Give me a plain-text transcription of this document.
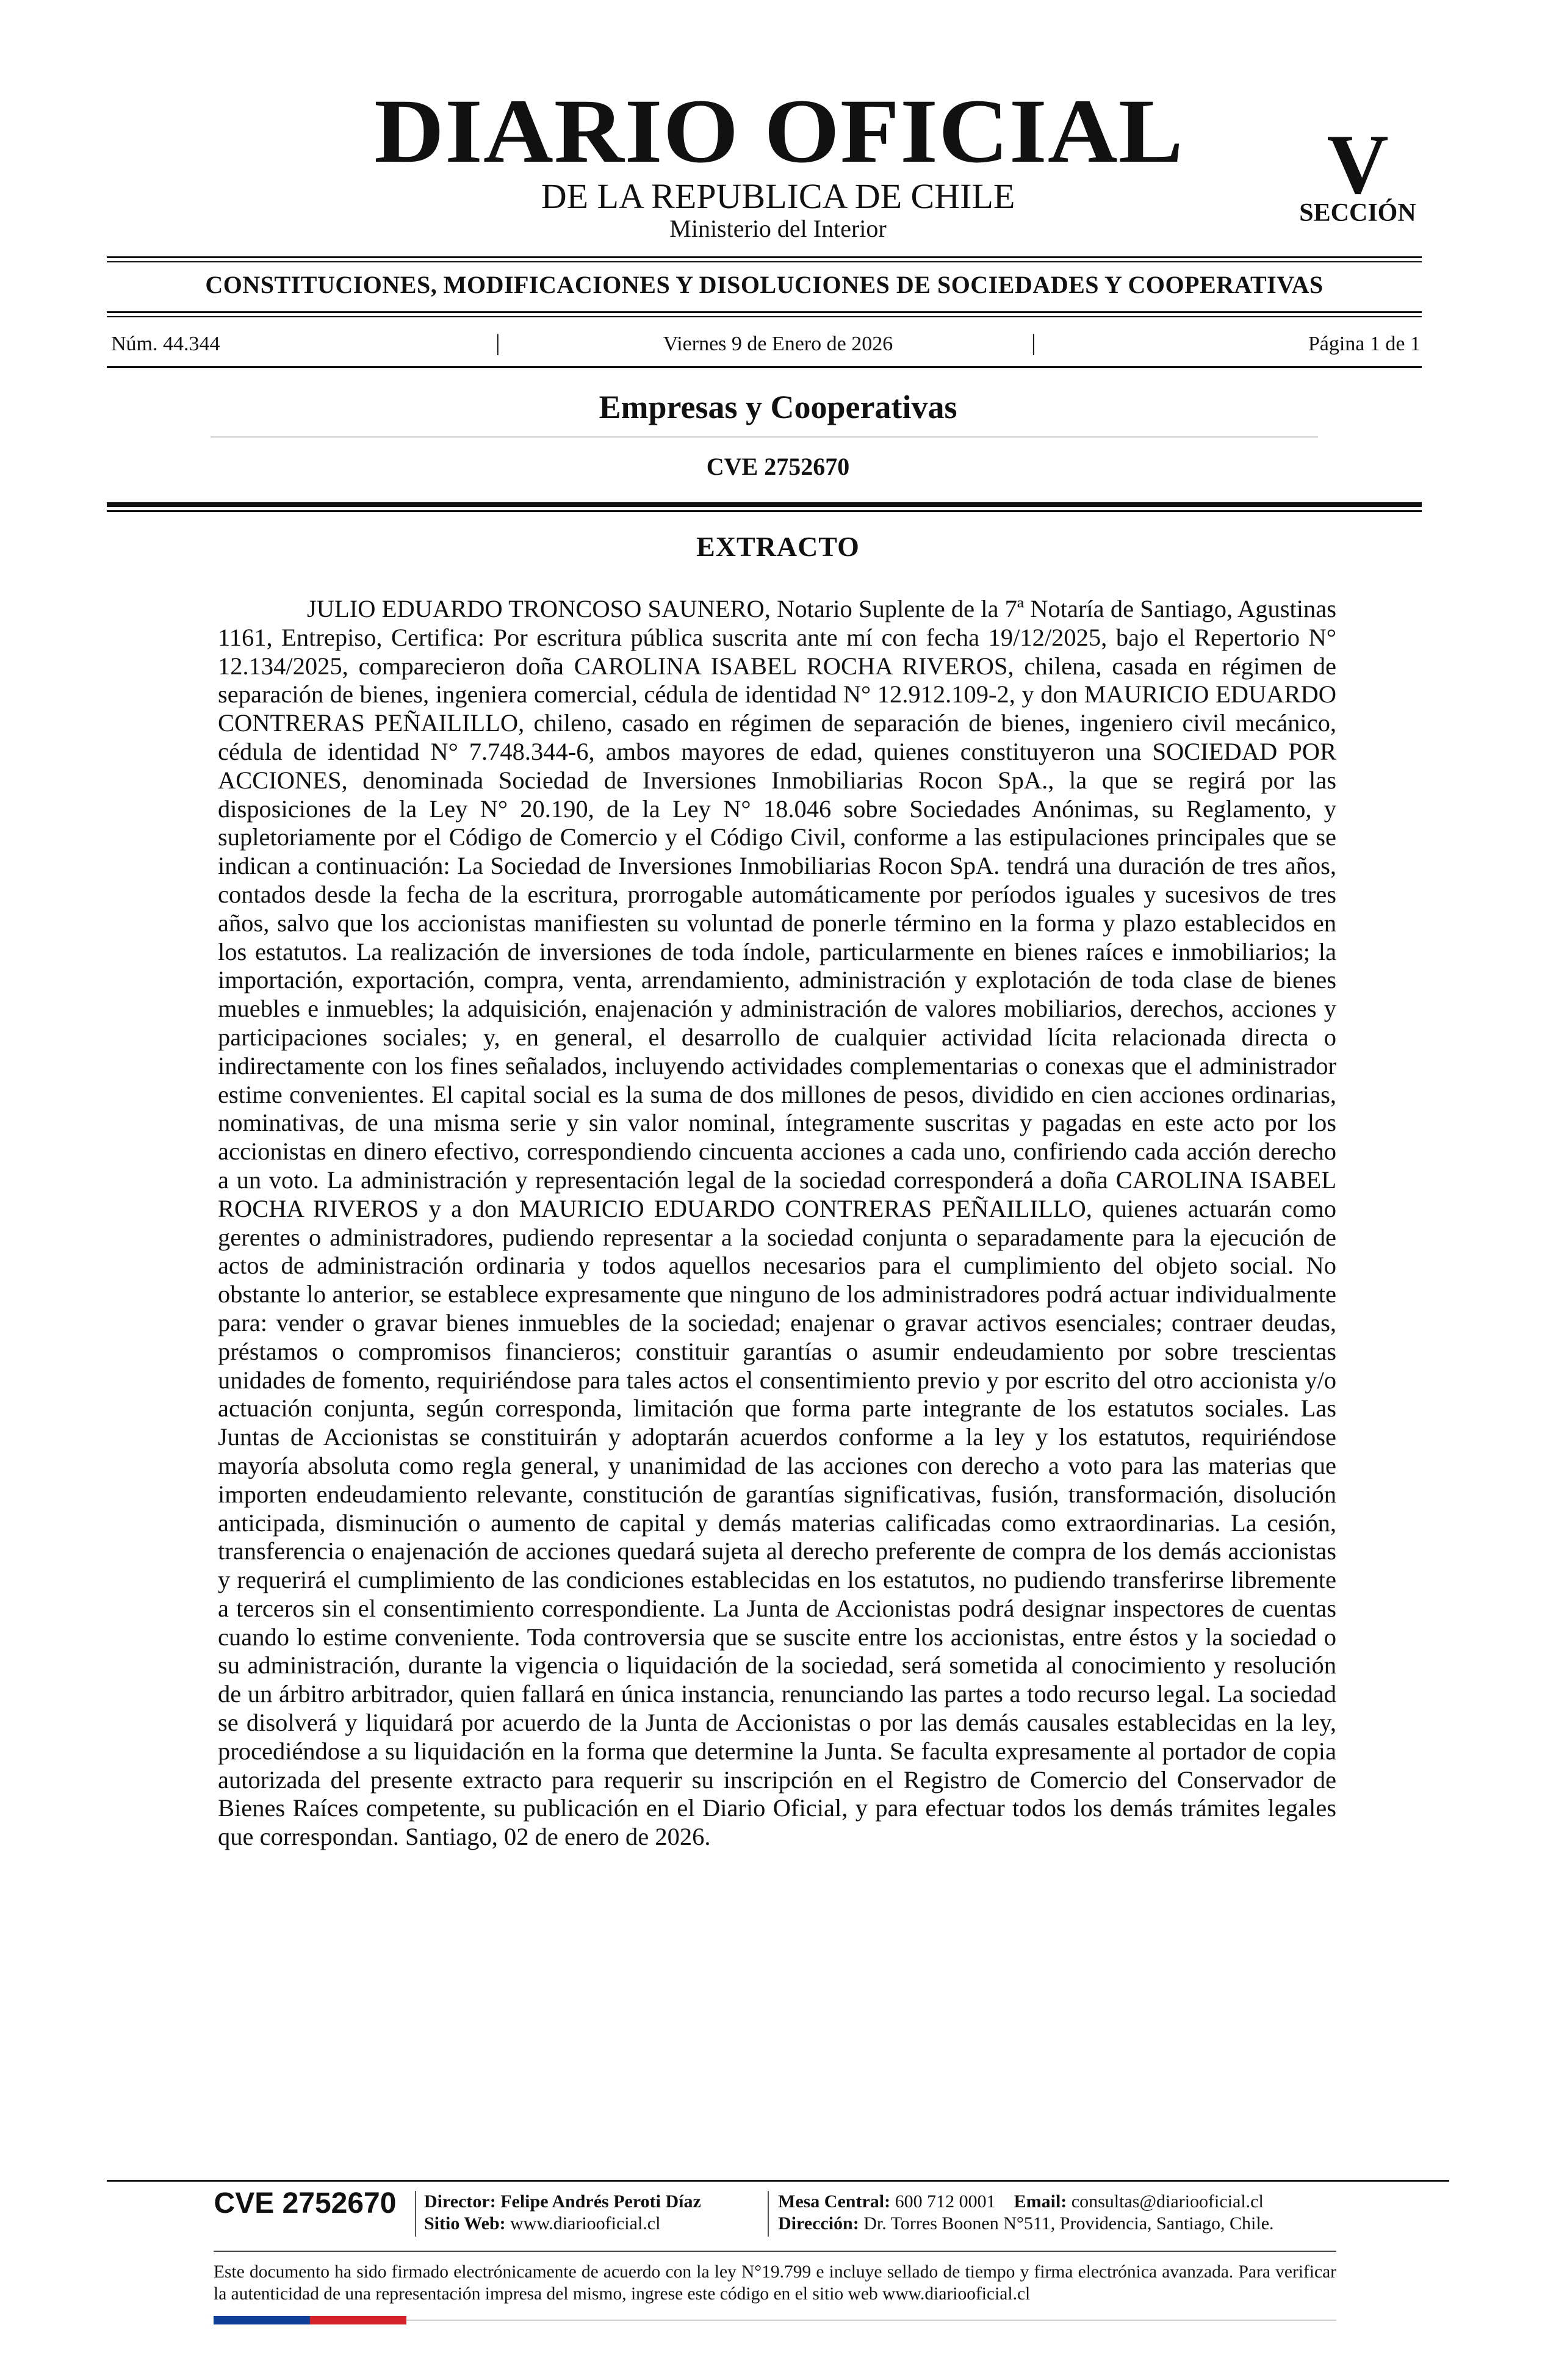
DIARIO OFICIAL
DE LA REPUBLICA DE CHILE
Ministerio del Interior
V
SECCIÓN
CONSTITUCIONES, MODIFICACIONES Y DISOLUCIONES DE SOCIEDADES Y COOPERATIVAS
Núm. 44.344	|	Viernes 9 de Enero de 2026	|	Página 1 de 1
Empresas y Cooperativas
CVE 2752670
EXTRACTO

JULIO EDUARDO TRONCOSO SAUNERO, Notario Suplente de la 7ª Notaría de Santiago, Agustinas 1161, Entrepiso, Certifica: Por escritura pública suscrita ante mí con fecha 19/12/2025, bajo el Repertorio N° 12.134/2025, comparecieron doña CAROLINA ISABEL ROCHA RIVEROS, chilena, casada en régimen de separación de bienes, ingeniera comercial, cédula de identidad N° 12.912.109-2, y don MAURICIO EDUARDO CONTRERAS PEÑAILILLO, chileno, casado en régimen de separación de bienes, ingeniero civil mecánico, cédula de identidad N° 7.748.344-6, ambos mayores de edad, quienes constituyeron una SOCIEDAD POR ACCIONES, denominada Sociedad de Inversiones Inmobiliarias Rocon SpA., la que se regirá por las disposiciones de la Ley N° 20.190, de la Ley N° 18.046 sobre Sociedades Anónimas, su Reglamento, y supletoriamente por el Código de Comercio y el Código Civil, conforme a las estipulaciones principales que se indican a continuación: La Sociedad de Inversiones Inmobiliarias Rocon SpA. tendrá una duración de tres años, contados desde la fecha de la escritura, prorrogable automáticamente por períodos iguales y sucesivos de tres años, salvo que los accionistas manifiesten su voluntad de ponerle término en la forma y plazo establecidos en los estatutos. La realización de inversiones de toda índole, particularmente en bienes raíces e inmobiliarios; la importación, exportación, compra, venta, arrendamiento, administración y explotación de toda clase de bienes muebles e inmuebles; la adquisición, enajenación y administración de valores mobiliarios, derechos, acciones y participaciones sociales; y, en general, el desarrollo de cualquier actividad lícita relacionada directa o indirectamente con los fines señalados, incluyendo actividades complementarias o conexas que el administrador estime convenientes. El capital social es la suma de dos millones de pesos, dividido en cien acciones ordinarias, nominativas, de una misma serie y sin valor nominal, íntegramente suscritas y pagadas en este acto por los accionistas en dinero efectivo, correspondiendo cincuenta acciones a cada uno, confiriendo cada acción derecho a un voto. La administración y representación legal de la sociedad corresponderá a doña CAROLINA ISABEL ROCHA RIVEROS y a don MAURICIO EDUARDO CONTRERAS PEÑAILILLO, quienes actuarán como gerentes o administradores, pudiendo representar a la sociedad conjunta o separadamente para la ejecución de actos de administración ordinaria y todos aquellos necesarios para el cumplimiento del objeto social. No obstante lo anterior, se establece expresamente que ninguno de los administradores podrá actuar individualmente para: vender o gravar bienes inmuebles de la sociedad; enajenar o gravar activos esenciales; contraer deudas, préstamos o compromisos financieros; constituir garantías o asumir endeudamiento por sobre trescientas unidades de fomento, requiriéndose para tales actos el consentimiento previo y por escrito del otro accionista y/o actuación conjunta, según corresponda, limitación que forma parte integrante de los estatutos sociales. Las Juntas de Accionistas se constituirán y adoptarán acuerdos conforme a la ley y los estatutos, requiriéndose mayoría absoluta como regla general, y unanimidad de las acciones con derecho a voto para las materias que importen endeudamiento relevante, constitución de garantías significativas, fusión, transformación, disolución anticipada, disminución o aumento de capital y demás materias calificadas como extraordinarias. La cesión, transferencia o enajenación de acciones quedará sujeta al derecho preferente de compra de los demás accionistas y requerirá el cumplimiento de las condiciones establecidas en los estatutos, no pudiendo transferirse libremente a terceros sin el consentimiento correspondiente. La Junta de Accionistas podrá designar inspectores de cuentas cuando lo estime conveniente. Toda controversia que se suscite entre los accionistas, entre éstos y la sociedad o su administración, durante la vigencia o liquidación de la sociedad, será sometida al conocimiento y resolución de un árbitro arbitrador, quien fallará en única instancia, renunciando las partes a todo recurso legal. La sociedad se disolverá y liquidará por acuerdo de la Junta de Accionistas o por las demás causales establecidas en la ley, procediéndose a su liquidación en la forma que determine la Junta. Se faculta expresamente al portador de copia autorizada del presente extracto para requerir su inscripción en el Registro de Comercio del Conservador de Bienes Raíces competente, su publicación en el Diario Oficial, y para efectuar todos los demás trámites legales que correspondan. Santiago, 02 de enero de 2026.

CVE 2752670	Director: Felipe Andrés Peroti Díaz
Sitio Web: www.diariooficial.cl
Mesa Central: 600 712 0001 Email: consultas@diariooficial.cl
Dirección: Dr. Torres Boonen N°511, Providencia, Santiago, Chile.

Este documento ha sido firmado electrónicamente de acuerdo con la ley N°19.799 e incluye sellado de tiempo y firma electrónica avanzada. Para verificar la autenticidad de una representación impresa del mismo, ingrese este código en el sitio web www.diariooficial.cl
